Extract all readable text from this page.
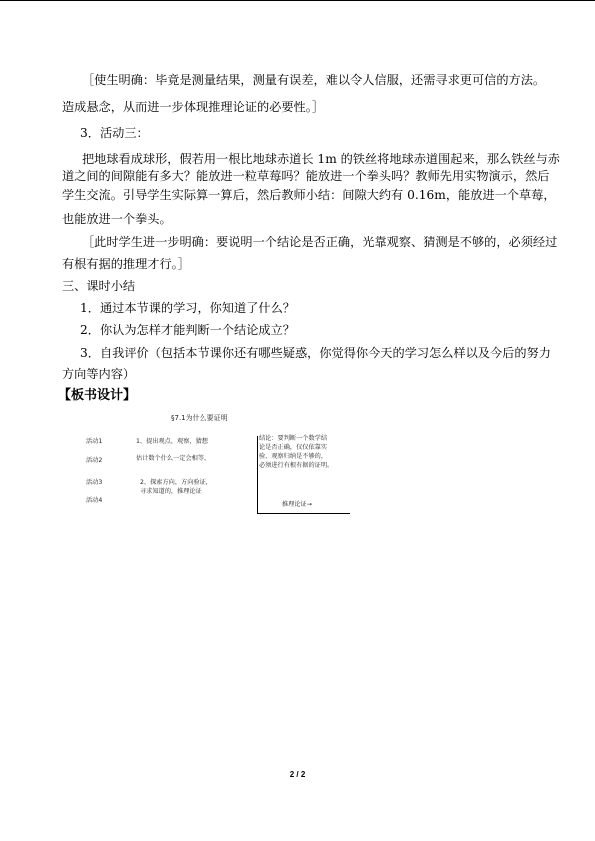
［使生明确：毕竟是测量结果，测量有误差，难以令人信服，还需寻求更可信的方法。
造成悬念，从而进一步体现推理论证的必要性。］
3．活动三：
把地球看成球形，假若用一根比地球赤道长 1m 的铁丝将地球赤道围起来，那么铁丝与赤
道之间的间隙能有多大？能放进一粒草莓吗？能放进一个拳头吗？教师先用实物演示，然后
学生交流。引导学生实际算一算后，然后教师小结：间隙大约有 0.16m，能放进一个草莓，
也能放进一个拳头。
［此时学生进一步明确：要说明一个结论是否正确，光靠观察、猜测是不够的，必须经过
有根有据的推理才行。］
三、课时小结
1．通过本节课的学习，你知道了什么？
2．你认为怎样才能判断一个结论成立？
3．自我评价（包括本节课你还有哪些疑惑，你觉得你今天的学习怎么样以及今后的努力
方向等内容）
【板书设计】
§7.1为什么要证明
活动1
活动2
活动3
活动4
1、提出观点，观察，猜想
估计数个什么一定会相等，
2、探索方向，方向验证，
寻求知道的，推理论证
结论：要判断一个数学结
论是否正确，仅仅依靠实
验、观察归纳是不够的，
必须进行有根有据的证明。
推理论证→
2 / 2
